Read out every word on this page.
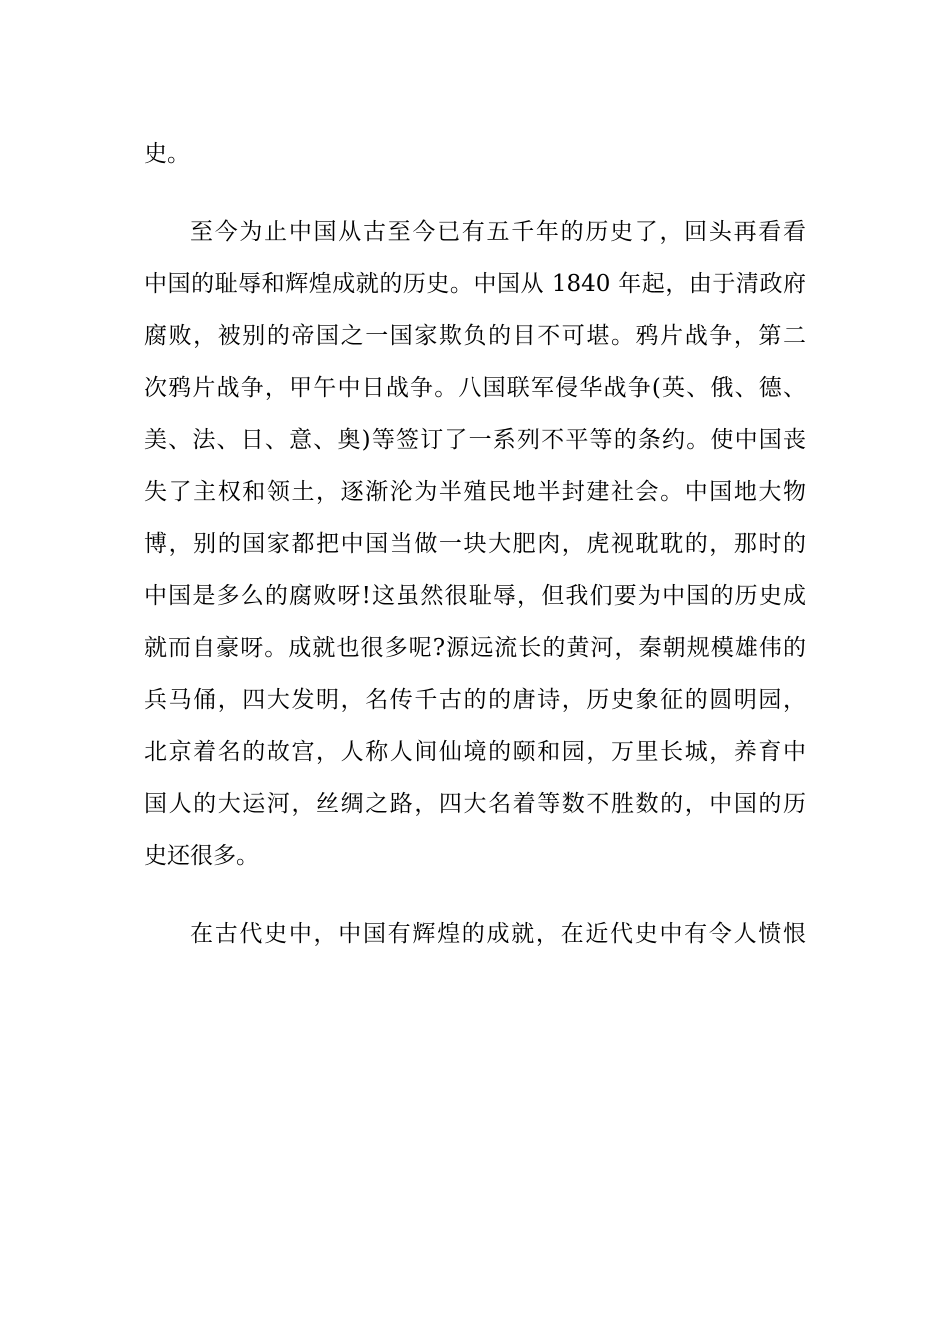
史。
至今为止中国从古至今已有五千年的历史了，回头再看看
中国的耻辱和辉煌成就的历史。中国从 1840 年起，由于清政府
腐败，被别的帝国之一国家欺负的目不可堪。鸦片战争，第二
次鸦片战争，甲午中日战争。八国联军侵华战争(英、俄、德、
美、法、日、意、奥)等签订了一系列不平等的条约。使中国丧
失了主权和领土，逐渐沦为半殖民地半封建社会。中国地大物
博，别的国家都把中国当做一块大肥肉，虎视耽耽的，那时的
中国是多么的腐败呀!这虽然很耻辱，但我们要为中国的历史成
就而自豪呀。成就也很多呢?源远流长的黄河，秦朝规模雄伟的
兵马俑，四大发明，名传千古的的唐诗，历史象征的圆明园，
北京着名的故宫，人称人间仙境的颐和园，万里长城，养育中
国人的大运河，丝绸之路，四大名着等数不胜数的，中国的历
史还很多。
在古代史中，中国有辉煌的成就，在近代史中有令人愤恨
